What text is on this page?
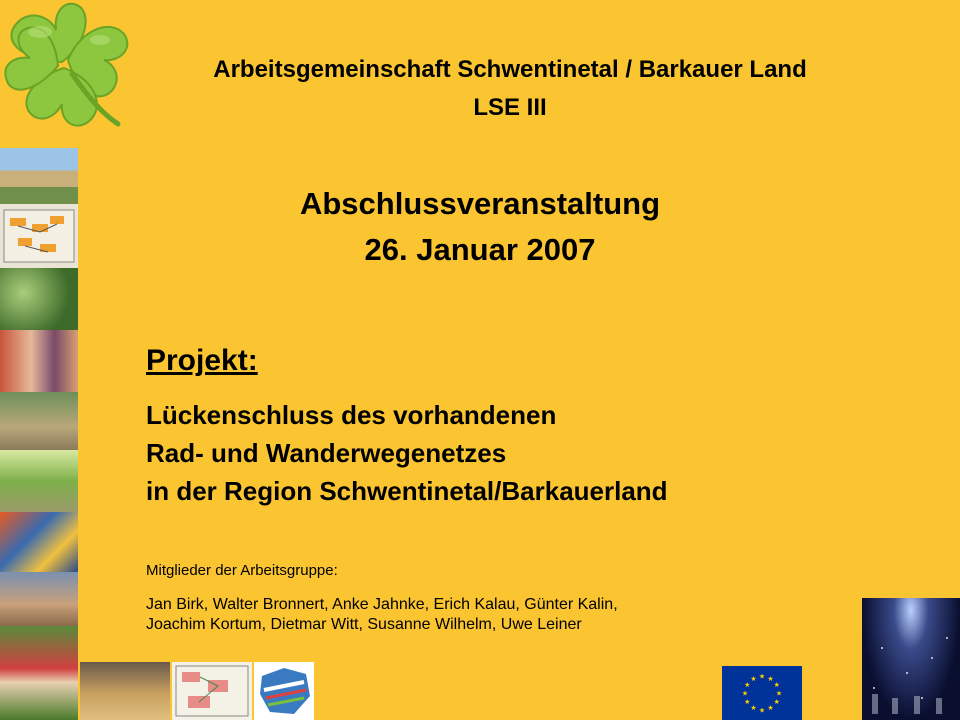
Arbeitsgemeinschaft Schwentinetal / Barkauer Land
LSE III
Abschlussveranstaltung
26. Januar 2007
Projekt:
Lückenschluss des vorhandenen
Rad- und Wanderwegenetzes
in der Region Schwentinetal/Barkauerland
Mitglieder der Arbeitsgruppe:
Jan Birk, Walter Bronnert, Anke Jahnke, Erich Kalau, Günter Kalin,
Joachim Kortum, Dietmar Witt, Susanne Wilhelm, Uwe Leiner
★
★
★
★
★
★
★
★
★ ★ ★
★
